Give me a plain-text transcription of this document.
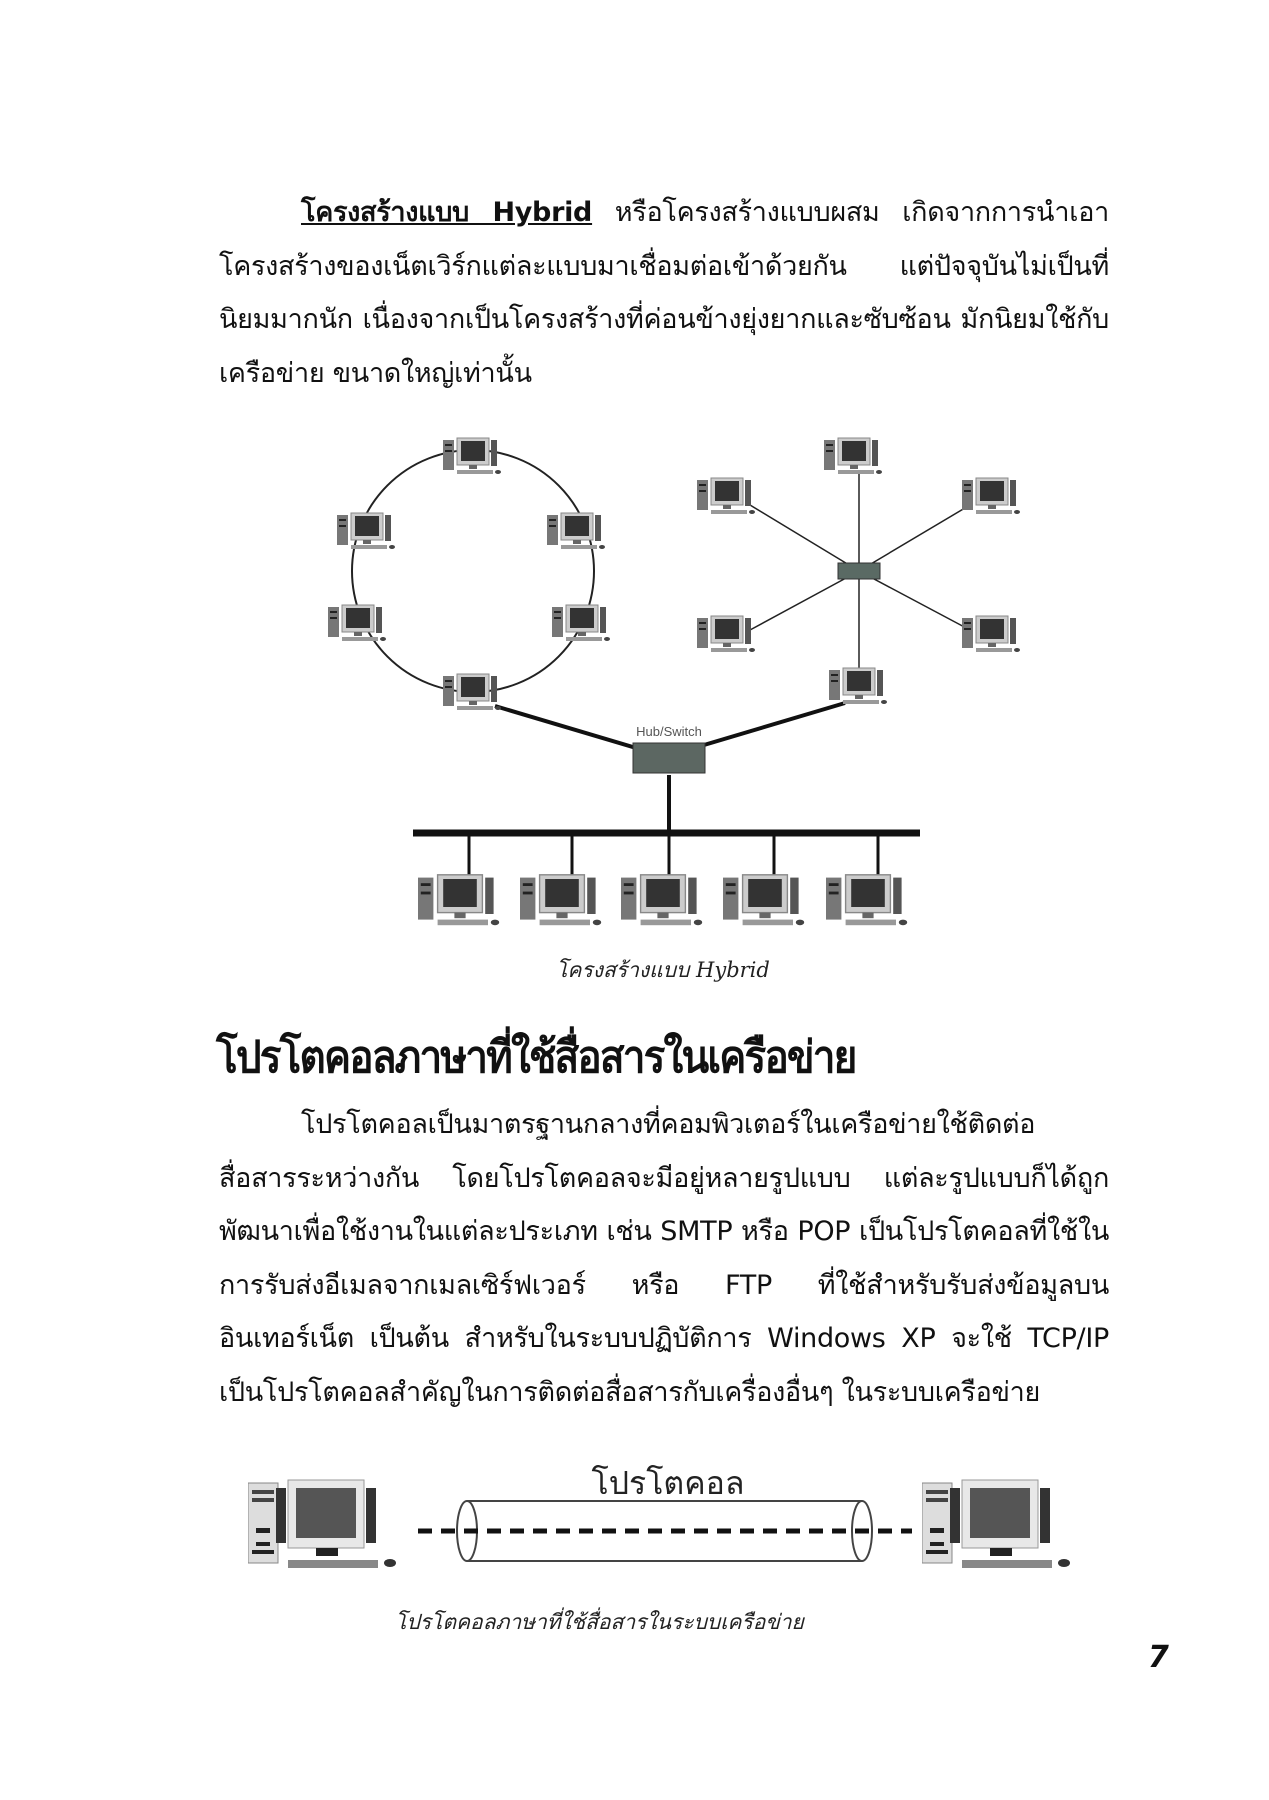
โครงสร้างแบบ Hybrid หรือโครงสร้างแบบผสม เกิดจากการนำเอาโครงสร้างของเน็ตเวิร์กแต่ละแบบมาเชื่อมต่อเข้าด้วยกัน แต่ปัจจุบันไม่เป็นที่นิยมมากนัก เนื่องจากเป็นโครงสร้างที่ค่อนข้างยุ่งยากและซับซ้อน มักนิยมใช้กับเครือข่าย ขนาดใหญ่เท่านั้น
Hub/Switch
โปรโตคอล
โครงสร้างแบบ Hybrid
โปรโตคอลภาษาที่ใช้สื่อสารในเครือข่าย
โปรโตคอลเป็นมาตรฐานกลางที่คอมพิวเตอร์ในเครือข่ายใช้ติดต่อสื่อสารระหว่างกัน โดยโปรโตคอลจะมีอยู่หลายรูปแบบ แต่ละรูปแบบก็ได้ถูกพัฒนาเพื่อใช้งานในแต่ละประเภท เช่น SMTP หรือ POP เป็นโปรโตคอลที่ใช้ในการรับส่งอีเมลจากเมลเซิร์ฟเวอร์ หรือ FTP ที่ใช้สำหรับรับส่งข้อมูลบนอินเทอร์เน็ต เป็นต้น สำหรับในระบบปฏิบัติการ Windows XP จะใช้ TCP/IP เป็นโปรโตคอลสำคัญในการติดต่อสื่อสารกับเครื่องอื่นๆ ในระบบเครือข่าย
โปรโตคอลภาษาที่ใช้สื่อสารในระบบเครือข่าย
7
